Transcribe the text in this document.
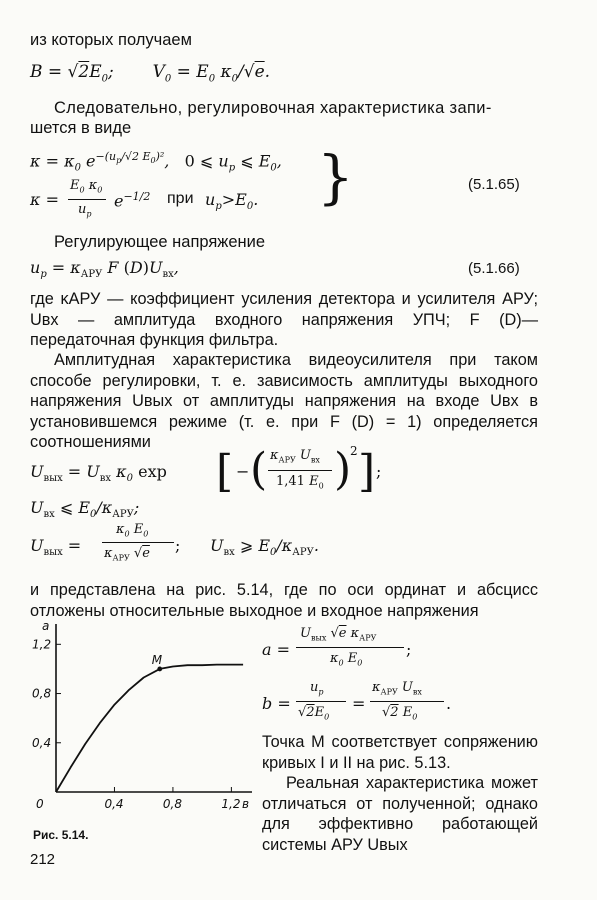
из которых получаем
$B = √2E_0$;  $V_0 = E_0$ $\kappa_0/√e$.
Следовательно, регулировочная характеристика запи-
шется в виде
$\kappa = \kappa_0$ $e^{-(u_р/√2 E_0)^2}$,   0 ⩽ $u_р$ ⩽ $E_0$,
κ =
$E_0$ $\kappa_0$
$u_р$
$e^{-1/2}$ при $u_р>E_0$. }	(5.1.65)
Регулирующее напряжение
$u_р = \kappa_{АРУ}$ F $(D)U_{вх}$,	(5.1.66)
где κАРУ — коэффициент усиления детектора и усилителя АРУ; Uвх — амплитуда входного напряжения УПЧ; F (D)— передаточная функция фильтра.
Амплитудная характеристика видеоусилителя при таком способе регулировки, т. е. зависимость амплитуды выходного напряжения Uвых от амплитуды напряжения на входе Uвх в установившемся режиме (т. е. при F (D) = 1) определяется соотношениями
$U_{вых} = U_{вх}$ $\kappa_0$ exp [ − ( $\kappa_{АРУ}$ $U_{вх}$
1,41 $E_0$ )
2 ] ;
$U_{вх}$ ⩽ $E_0/\kappa_{АРУ}$;
$U_{вых}$ =
$\kappa_0$ $E_0$
$\kappa_{АРУ}$ √e ; $U_{вх}$ ⩾ $E_0/\kappa_{АРУ}$.
и представлена на рис. 5.14, где по оси ординат и абсцисс отложены относительные выходное и входное напряжения
а
в
0	0,4	0,8	1,2
0,4
0,8
1,2
M
Рис. 5.14.
212
a =
$U_{вых}$ √e $\kappa_{АРУ}$
$\kappa_0$ $E_0$
;
b =
$u_р$
$√2E_0$
=
$\kappa_{АРУ}$ $U_{вх}$
√2 $E_0$
.
Точка M соответствует сопряжению кривых I и II на рис. 5.13.
Реальная характеристика может отличаться от полученной; однако для эффективно работающей системы АРУ Uвых
